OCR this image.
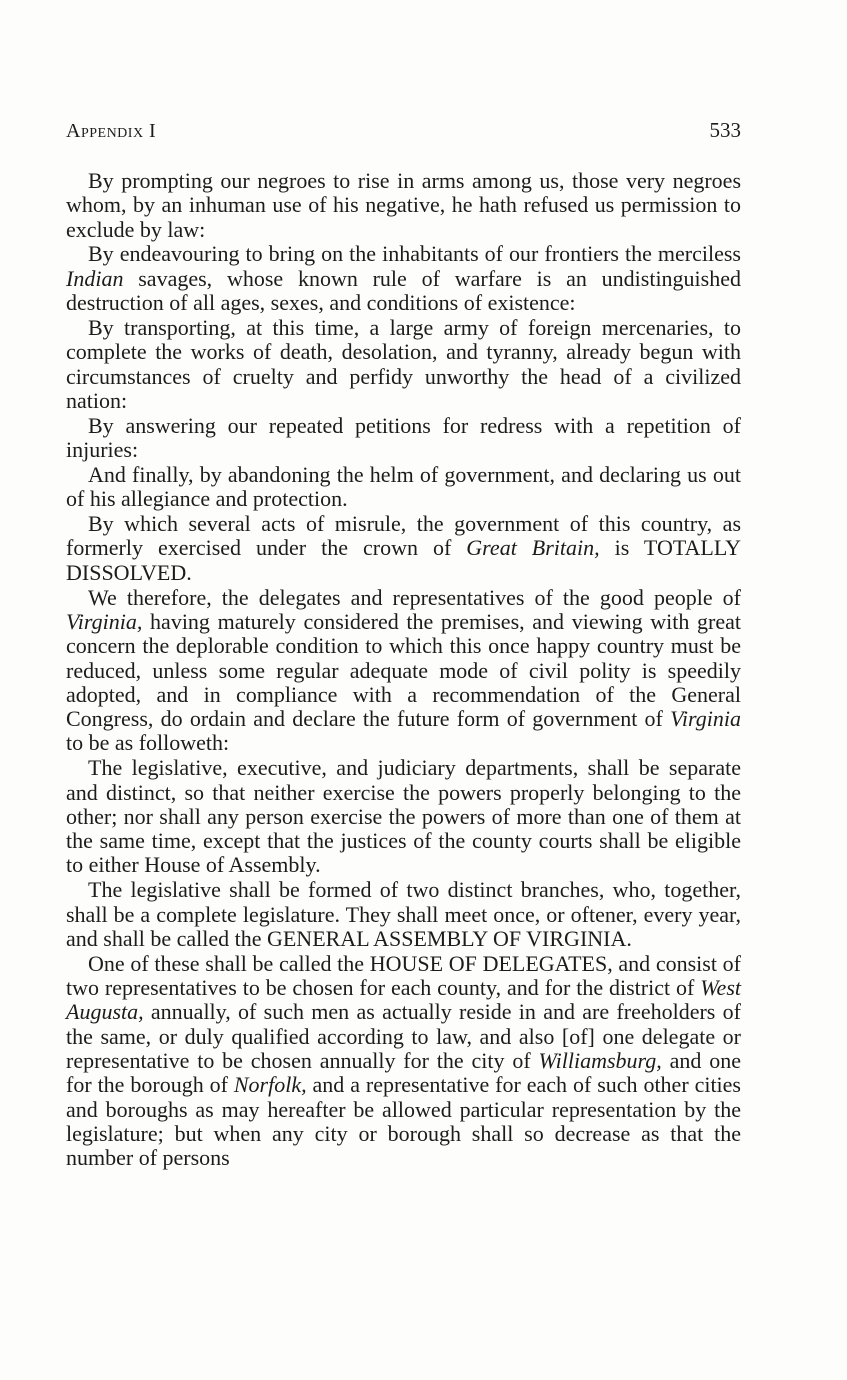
Appendix I	533

By prompting our negroes to rise in arms among us, those very negroes whom, by an inhuman use of his negative, he hath refused us permission to exclude by law:

By endeavouring to bring on the inhabitants of our frontiers the merciless Indian savages, whose known rule of warfare is an undistinguished destruction of all ages, sexes, and conditions of existence:

By transporting, at this time, a large army of foreign mercenaries, to complete the works of death, desolation, and tyranny, already begun with circumstances of cruelty and perfidy unworthy the head of a civilized nation:

By answering our repeated petitions for redress with a repetition of injuries:

And finally, by abandoning the helm of government, and declaring us out of his allegiance and protection.

By which several acts of misrule, the government of this country, as formerly exercised under the crown of Great Britain, is TOTALLY DISSOLVED.

We therefore, the delegates and representatives of the good people of Virginia, having maturely considered the premises, and viewing with great concern the deplorable condition to which this once happy country must be reduced, unless some regular adequate mode of civil polity is speedily adopted, and in compliance with a recommendation of the General Congress, do ordain and declare the future form of government of Virginia to be as followeth:

The legislative, executive, and judiciary departments, shall be separate and distinct, so that neither exercise the powers properly belonging to the other; nor shall any person exercise the powers of more than one of them at the same time, except that the justices of the county courts shall be eligible to either House of Assembly.

The legislative shall be formed of two distinct branches, who, together, shall be a complete legislature. They shall meet once, or oftener, every year, and shall be called the GENERAL ASSEMBLY OF VIRGINIA.

One of these shall be called the HOUSE OF DELEGATES, and consist of two representatives to be chosen for each county, and for the district of West Augusta, annually, of such men as actually reside in and are freeholders of the same, or duly qualified according to law, and also [of] one delegate or representative to be chosen annually for the city of Williamsburg, and one for the borough of Norfolk, and a representative for each of such other cities and boroughs as may hereafter be allowed particular representation by the legislature; but when any city or borough shall so decrease as that the number of persons
